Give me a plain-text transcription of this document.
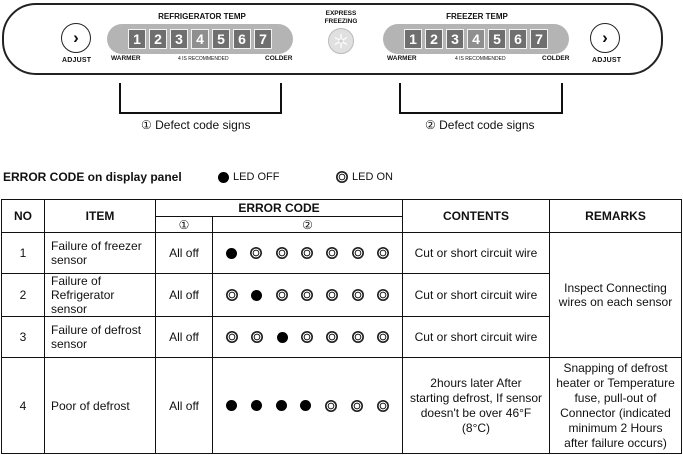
›
ADJUST
REFRIGERATOR TEMP
1 2 3 4 5 6 7
WARMER	4 IS RECOMMENDED	COLDER
EXPRESS
FREEZING
FREEZER TEMP
1 2 3 4 5 6 7
WARMER	4 IS RECOMMENDED	COLDER
›
ADJUST
① Defect code signs	② Defect code signs
ERROR CODE on display panel	LED OFF	LED ON
NO	ITEM	ERROR CODE		CONTENTS	REMARKS
		①	②		
1	Failure of freezer sensor	All off		Cut or short circuit wire	Inspect Connecting wires on each sensor
2	Failure of Refrigerator sensor	All off		Cut or short circuit wire	
3	Failure of defrost sensor	All off		Cut or short circuit wire	
4	Poor of defrost	All off		2hours later After starting defrost, If sensor doesn't be over 46°F (8°C)	Snapping of defrost heater or Temperature fuse, pull-out of Connector (indicated minimum 2 Hours after failure occurs)
